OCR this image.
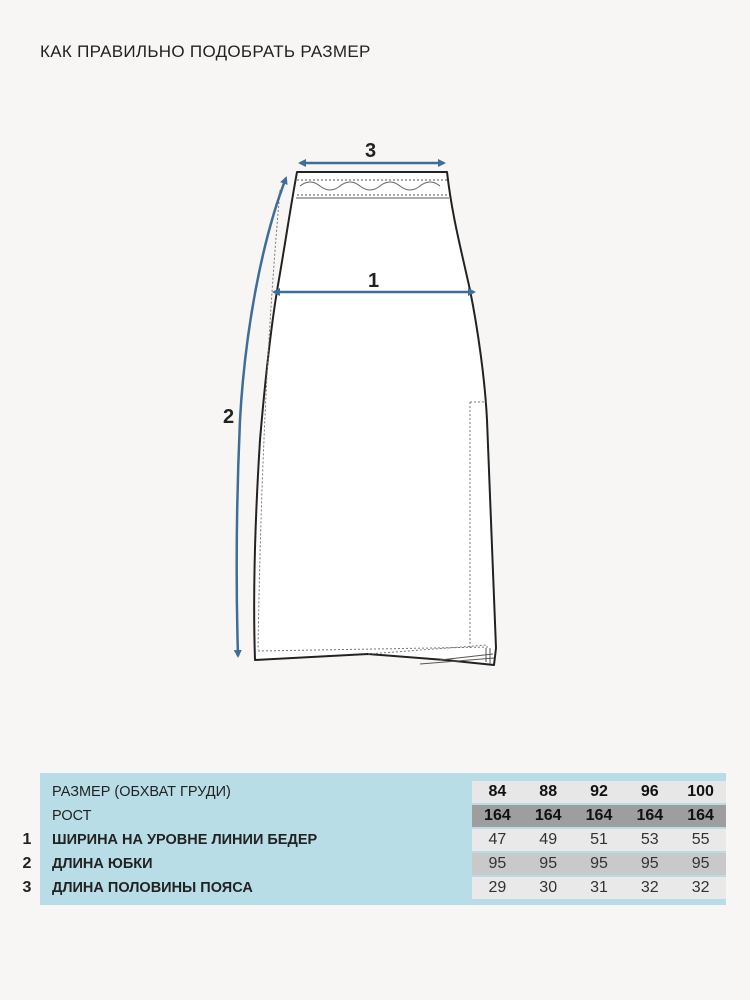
КАК ПРАВИЛЬНО ПОДОБРАТЬ РАЗМЕР
3
1
2
РАЗМЕР (ОБХВАТ ГРУДИ)	84	88	92	96	100
РОСТ	164	164	164	164	164
1 ШИРИНА НА УРОВНЕ ЛИНИИ БЕДЕР	47	49	51	53	55
2 ДЛИНА ЮБКИ	95	95	95	95	95
3 ДЛИНА ПОЛОВИНЫ ПОЯСА	29	30	31	32	32
